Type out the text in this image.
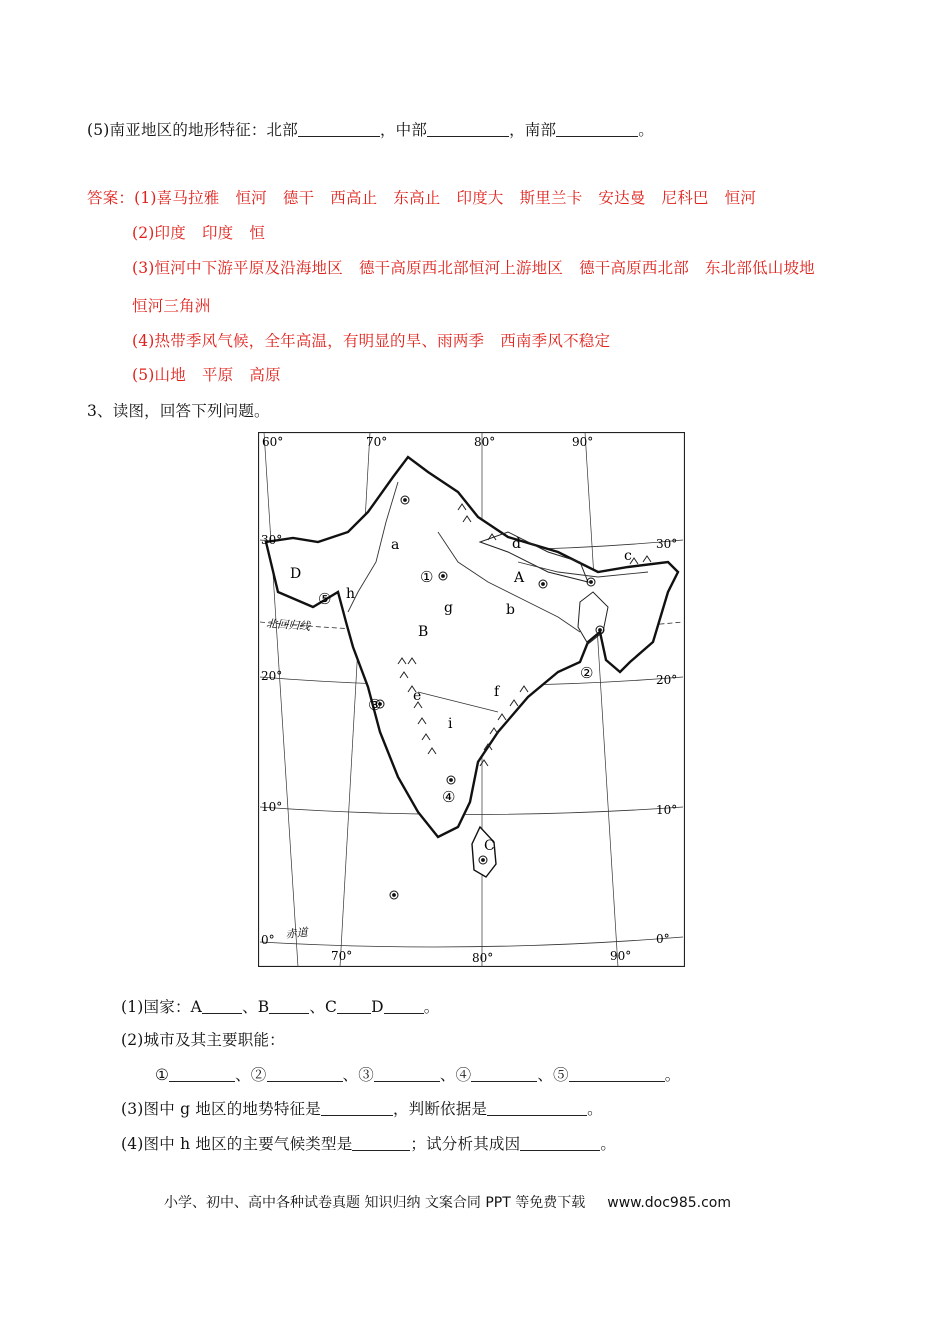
(5)南亚地区的地形特征：北部	，中部	，南部	。
答案：(1)喜马拉雅 恒河 德干 西高止 东高止 印度大 斯里兰卡 安达曼 尼科巴 恒河
(2)印度 印度 恒
(3)恒河中下游平原及沿海地区 德干高原西北部恒河上游地区 德干高原西北部 东北部低山坡地
恒河三角洲
(4)热带季风气候，全年高温，有明显的旱、雨两季 西南季风不稳定
(5)山地 平原 高原
3、读图，回答下列问题。
60°	70°	80°	90°
70°	80°	90°
30°
20°
10°
0°
30°
20°
10°
0°
北回归线
赤道
a
b
c
d
e	f
g
h
i
A
B
C
D	①
②
③
④
⑤
(1)国家：A	、B	、C D	。
(2)城市及其主要职能：
①	、②	、③	、④	、⑤	。
(3)图中 g 地区的地势特征是	，判断依据是	。
(4)图中 h 地区的主要气候类型是	；试分析其成因	。
小学、初中、高中各种试卷真题 知识归纳 文案合同 PPT 等免费下载 www.doc985.com
